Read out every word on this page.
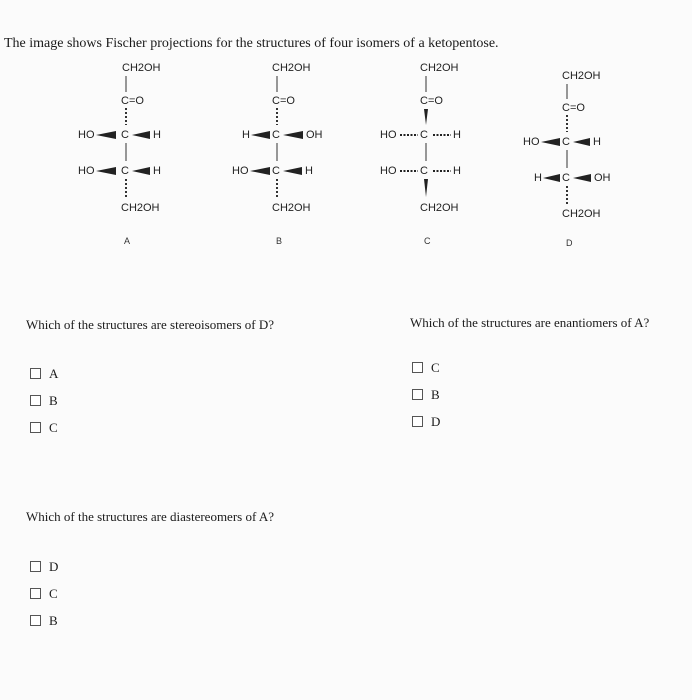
The image shows Fischer projections for the structures of four isomers of a ketopentose.
CH2OH
C=O
HO C H
HO C H
CH2OH
A
CH2OH
C=O
H C OH
HO C H
CH2OH
B
CH2OH
C=O
HO C H
HO C H
CH2OH
C
CH2OH
C=O
HO C H
H C OH
CH2OH
D
Which of the structures are stereoisomers of D?
A
B
C
Which of the structures are enantiomers of A?
C
B
D
Which of the structures are diastereomers of A?
D
C
B
